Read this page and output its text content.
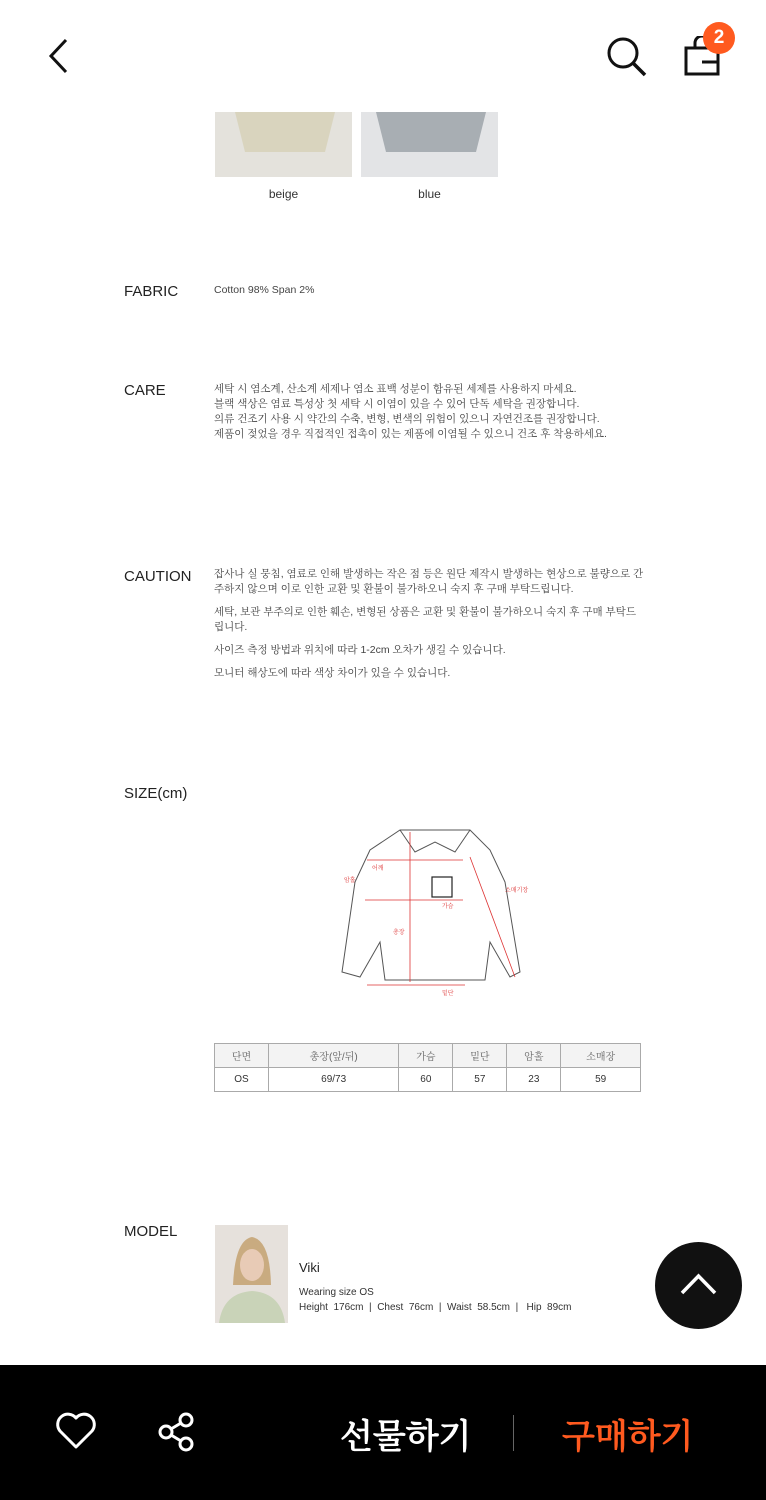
2
beige	blue
FABRIC	Cotton 98% Span 2%
CARE	세탁 시 염소계, 산소계 세제나 염소 표백 성분이 함유된 세제를 사용하지 마세요.
블랙 색상은 염료 특성상 첫 세탁 시 이염이 있을 수 있어 단독 세탁을 권장합니다.
의류 건조기 사용 시 약간의 수축, 변형, 변색의 위험이 있으니 자연건조를 권장합니다.
제품이 젖었을 경우 직접적인 접촉이 있는 제품에 이염될 수 있으니 건조 후 착용하세요.
CAUTION 잡사나 실 뭉침, 염료로 인해 발생하는 작은 점 등은 원단 제작시 발생하는 현상으로 불량으로 간주하지 않으며 이로 인한 교환 및 환불이 불가하오니 숙지 후 구매 부탁드립니다.

세탁, 보관 부주의로 인한 훼손, 변형된 상품은 교환 및 환불이 불가하오니 숙지 후 구매 부탁드립니다.

사이즈 측정 방법과 위치에 따라 1-2cm 오차가 생길 수 있습니다.

모니터 해상도에 따라 색상 차이가 있을 수 있습니다.

SIZE(cm)
어깨
암홀
가슴
총장
소매기장
밑단
단면	총장(앞/뒤)	가슴	밑단	암홀	소매장
OS	69/73	60	57	23	59
MODEL
Viki
Wearing size OS
Height  176cm  |  Chest  76cm  |  Waist  58.5cm  |   Hip  89cm
선물하기	구매하기
